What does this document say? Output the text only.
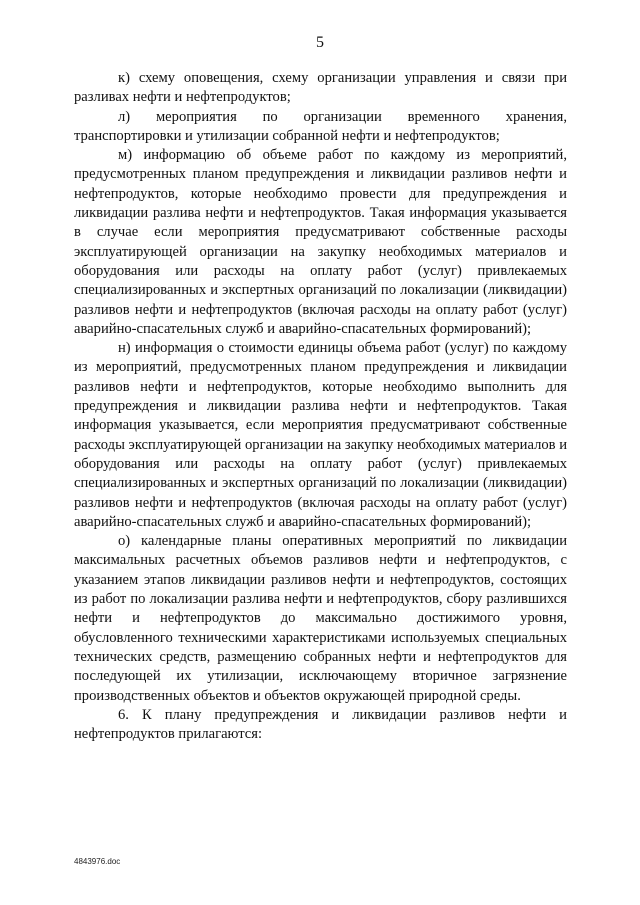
5

к) схему оповещения, схему организации управления и связи при разливах нефти и нефтепродуктов;

л) мероприятия по организации временного хранения, транспортировки и утилизации собранной нефти и нефтепродуктов;

м) информацию об объеме работ по каждому из мероприятий, предусмотренных планом предупреждения и ликвидации разливов нефти и нефтепродуктов, которые необходимо провести для предупреждения и ликвидации разлива нефти и нефтепродуктов. Такая информация указывается в случае если мероприятия предусматривают собственные расходы эксплуатирующей организации на закупку необходимых материалов и оборудования или расходы на оплату работ (услуг) привлекаемых специализированных и экспертных организаций по локализации (ликвидации) разливов нефти и нефтепродуктов (включая расходы на оплату работ (услуг) аварийно-спасательных служб и аварийно-спасательных формирований);

н) информация о стоимости единицы объема работ (услуг) по каждому из мероприятий, предусмотренных планом предупреждения и ликвидации разливов нефти и нефтепродуктов, которые необходимо выполнить для предупреждения и ликвидации разлива нефти и нефтепродуктов. Такая информация указывается, если мероприятия предусматривают собственные расходы эксплуатирующей организации на закупку необходимых материалов и оборудования или расходы на оплату работ (услуг) привлекаемых специализированных и экспертных организаций по локализации (ликвидации) разливов нефти и нефтепродуктов (включая расходы на оплату работ (услуг) аварийно-спасательных служб и аварийно-спасательных формирований);

о) календарные планы оперативных мероприятий по ликвидации максимальных расчетных объемов разливов нефти и нефтепродуктов, с указанием этапов ликвидации разливов нефти и нефтепродуктов, состоящих из работ по локализации разлива нефти и нефтепродуктов, сбору разлившихся нефти и нефтепродуктов до максимально достижимого уровня, обусловленного техническими характеристиками используемых специальных технических средств, размещению собранных нефти и нефтепродуктов для последующей их утилизации, исключающему вторичное загрязнение производственных объектов и объектов окружающей природной среды.

6. К плану предупреждения и ликвидации разливов нефти и нефтепродуктов прилагаются:

4843976.doc
